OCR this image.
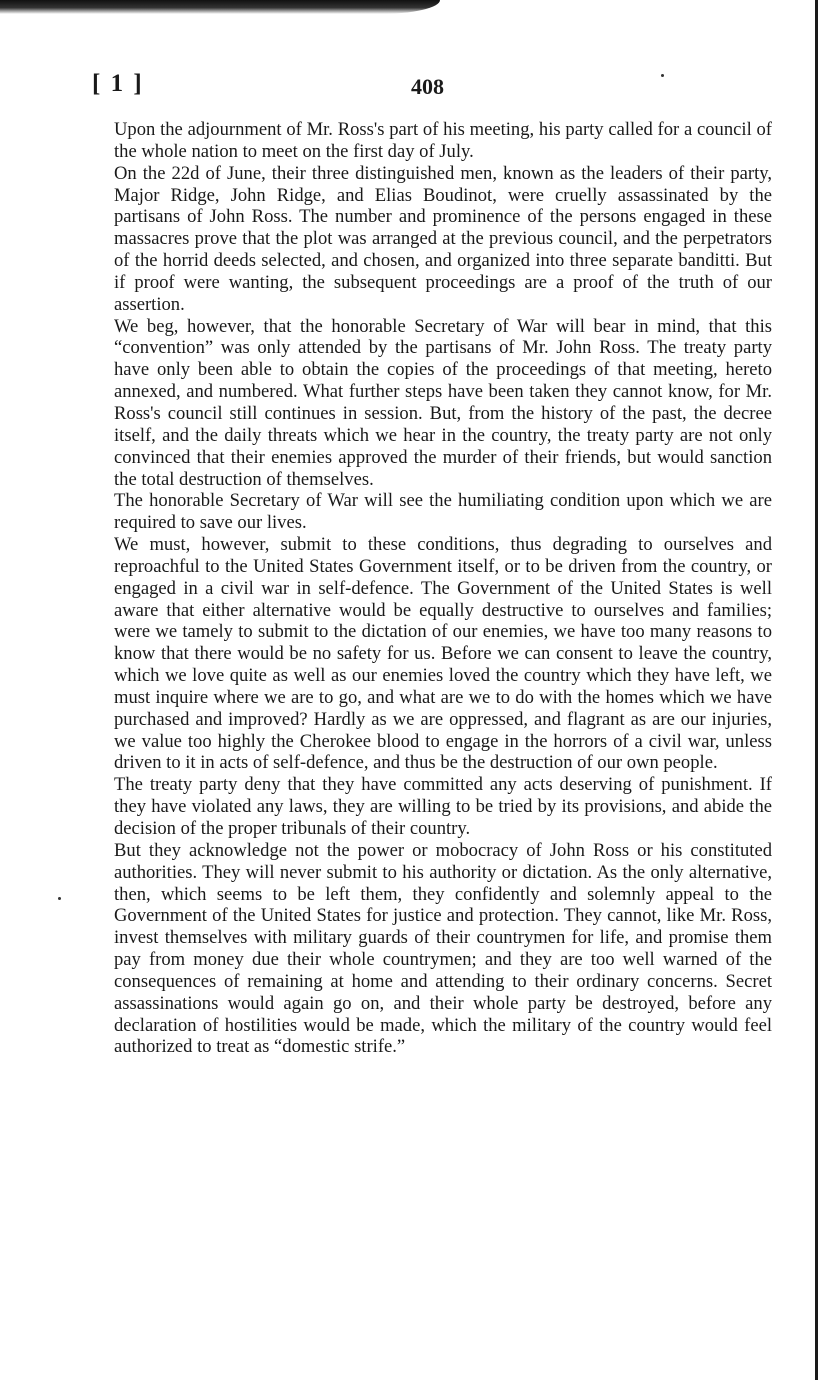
[ 1 ]	408

Upon the adjournment of Mr. Ross's part of his meeting, his party called for a council of the whole nation to meet on the first day of July.

On the 22d of June, their three distinguished men, known as the leaders of their party, Major Ridge, John Ridge, and Elias Boudinot, were cruelly assassinated by the partisans of John Ross. The number and prominence of the persons engaged in these massacres prove that the plot was arranged at the previous council, and the perpetrators of the horrid deeds selected, and chosen, and organized into three separate banditti. But if proof were wanting, the subsequent proceedings are a proof of the truth of our assertion.

We beg, however, that the honorable Secretary of War will bear in mind, that this “convention” was only attended by the partisans of Mr. John Ross. The treaty party have only been able to obtain the copies of the proceedings of that meeting, hereto annexed, and numbered. What further steps have been taken they cannot know, for Mr. Ross's council still continues in session. But, from the history of the past, the decree itself, and the daily threats which we hear in the country, the treaty party are not only convinced that their enemies approved the murder of their friends, but would sanction the total destruction of themselves.

The honorable Secretary of War will see the humiliating condition upon which we are required to save our lives.

We must, however, submit to these conditions, thus degrading to ourselves and reproachful to the United States Government itself, or to be driven from the country, or engaged in a civil war in self-defence. The Government of the United States is well aware that either alternative would be equally destructive to ourselves and families; were we tamely to submit to the dictation of our enemies, we have too many reasons to know that there would be no safety for us. Before we can consent to leave the country, which we love quite as well as our enemies loved the country which they have left, we must inquire where we are to go, and what are we to do with the homes which we have purchased and improved? Hardly as we are oppressed, and flagrant as are our injuries, we value too highly the Cherokee blood to engage in the horrors of a civil war, unless driven to it in acts of self-defence, and thus be the destruction of our own people.

The treaty party deny that they have committed any acts deserving of punishment. If they have violated any laws, they are willing to be tried by its provisions, and abide the decision of the proper tribunals of their country.

But they acknowledge not the power or mobocracy of John Ross or his constituted authorities. They will never submit to his authority or dictation. As the only alternative, then, which seems to be left them, they confidently and solemnly appeal to the Government of the United States for justice and protection. They cannot, like Mr. Ross, invest themselves with military guards of their countrymen for life, and promise them pay from money due their whole countrymen; and they are too well warned of the consequences of remaining at home and attending to their ordinary concerns. Secret assassinations would again go on, and their whole party be destroyed, before any declaration of hostilities would be made, which the military of the country would feel authorized to treat as “domestic strife.”
